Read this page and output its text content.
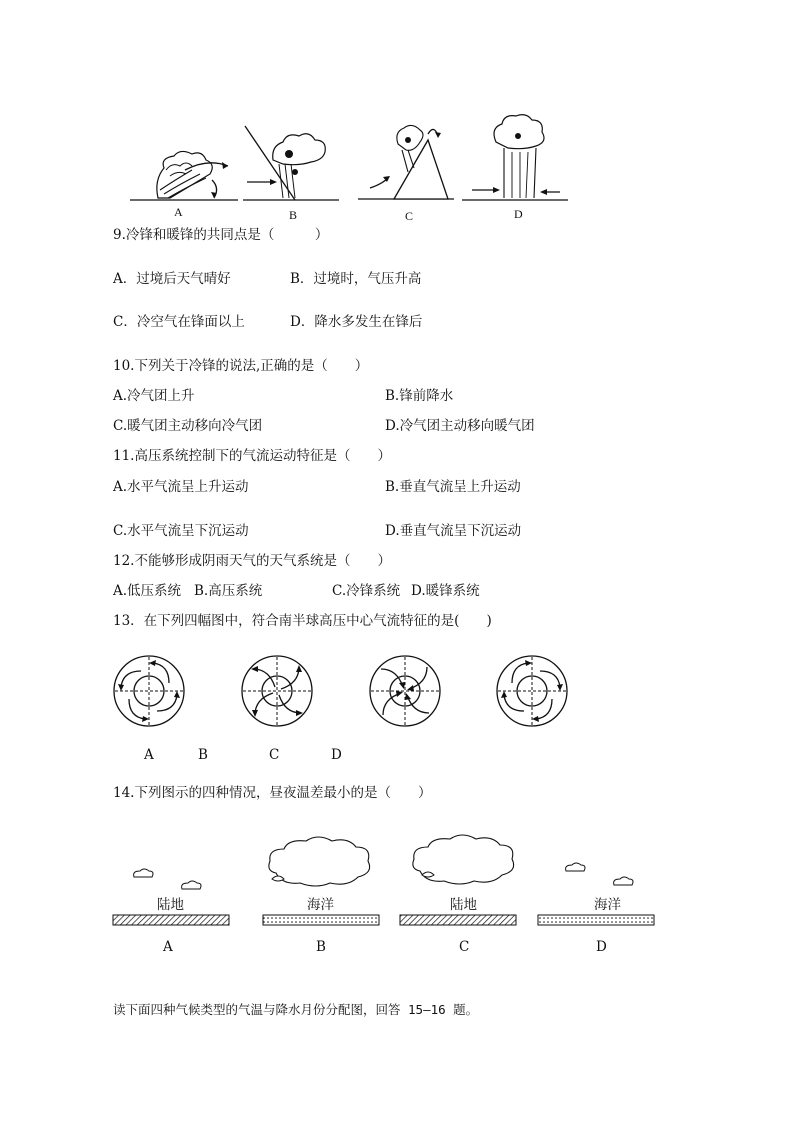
A	B	C	D
9.冷锋和暖锋的共同点是（　　　）
A．过境后天气晴好	B．过境时，气压升高
C．冷空气在锋面以上	D．降水多发生在锋后
10.下列关于冷锋的说法,正确的是（　　）
A.冷气团上升	B.锋前降水
C.暖气团主动移向冷气团	D.冷气团主动移向暖气团
11.高压系统控制下的气流运动特征是（　　）
A.水平气流呈上升运动	B.垂直气流呈上升运动
C.水平气流呈下沉运动	D.垂直气流呈下沉运动
12.不能够形成阴雨天气的天气系统是（　　）
A.低压系统 B.高压系统	C.冷锋系统 D.暖锋系统
13．在下列四幅图中，符合南半球高压中心气流特征的是(　　)
A	B	C	D
14.下列图示的四种情况，昼夜温差最小的是（　　）
陆地	海洋	陆地	海洋
A	B	C	D
读下面四种气候类型的气温与降水月份分配图，回答 15—16 题。
